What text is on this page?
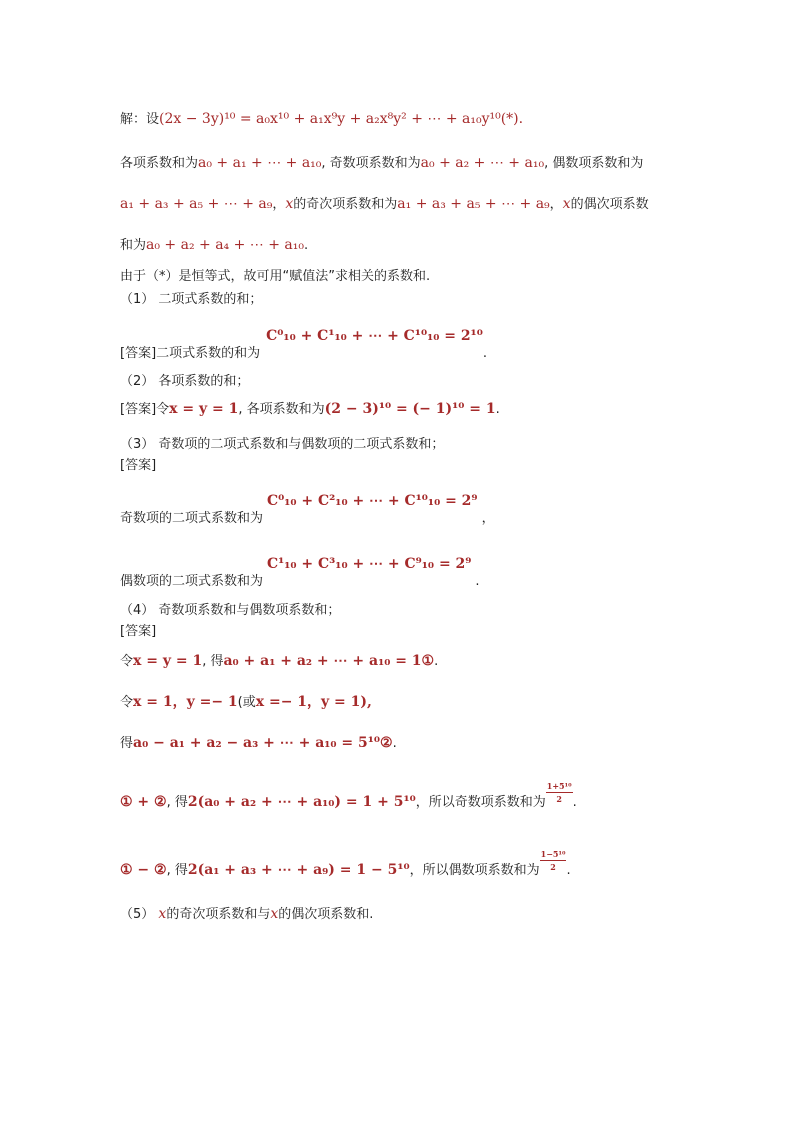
解：设(2x − 3y)¹⁰ = a₀x¹⁰ + a₁x⁹y + a₂x⁸y² + ⋯ + a₁₀y¹⁰(*).
各项系数和为a₀ + a₁ + ⋯ + a₁₀, 奇数项系数和为a₀ + a₂ + ⋯ + a₁₀, 偶数项系数和为
a₁ + a₃ + a₅ + ⋯ + a₉，x的奇次项系数和为a₁ + a₃ + a₅ + ⋯ + a₉，x的偶次项系数
和为a₀ + a₂ + a₄ + ⋯ + a₁₀.
由于（*）是恒等式，故可用“赋值法”求相关的系数和.
（1） 二项式系数的和；
[答案]二项式系数的和为C⁰₁₀ + C¹₁₀ + ⋯ + C¹⁰₁₀ = 2¹⁰.
（2） 各项系数的和；
[答案]令x = y = 1, 各项系数和为(2 − 3)¹⁰ = (− 1)¹⁰ = 1.
（3） 奇数项的二项式系数和与偶数项的二项式系数和；
[答案]
奇数项的二项式系数和为C⁰₁₀ + C²₁₀ + ⋯ + C¹⁰₁₀ = 2⁹，
偶数项的二项式系数和为C¹₁₀ + C³₁₀ + ⋯ + C⁹₁₀ = 2⁹.
（4） 奇数项系数和与偶数项系数和；
[答案]
令x = y = 1, 得a₀ + a₁ + a₂ + ⋯ + a₁₀ = 1①.
令x = 1，y =− 1(或x =− 1，y = 1),
得a₀ − a₁ + a₂ − a₃ + ⋯ + a₁₀ = 5¹⁰②.
① + ②, 得2(a₀ + a₂ + ⋯ + a₁₀) = 1 + 5¹⁰，所以奇数项系数和为 $\frac{\text{1+5¹⁰}}{2}$ .
① − ②, 得2(a₁ + a₃ + ⋯ + a₉) = 1 − 5¹⁰，所以偶数项系数和为 $\frac{\text{1−5¹⁰}}{2}$ .
（5） x的奇次项系数和与x的偶次项系数和.
